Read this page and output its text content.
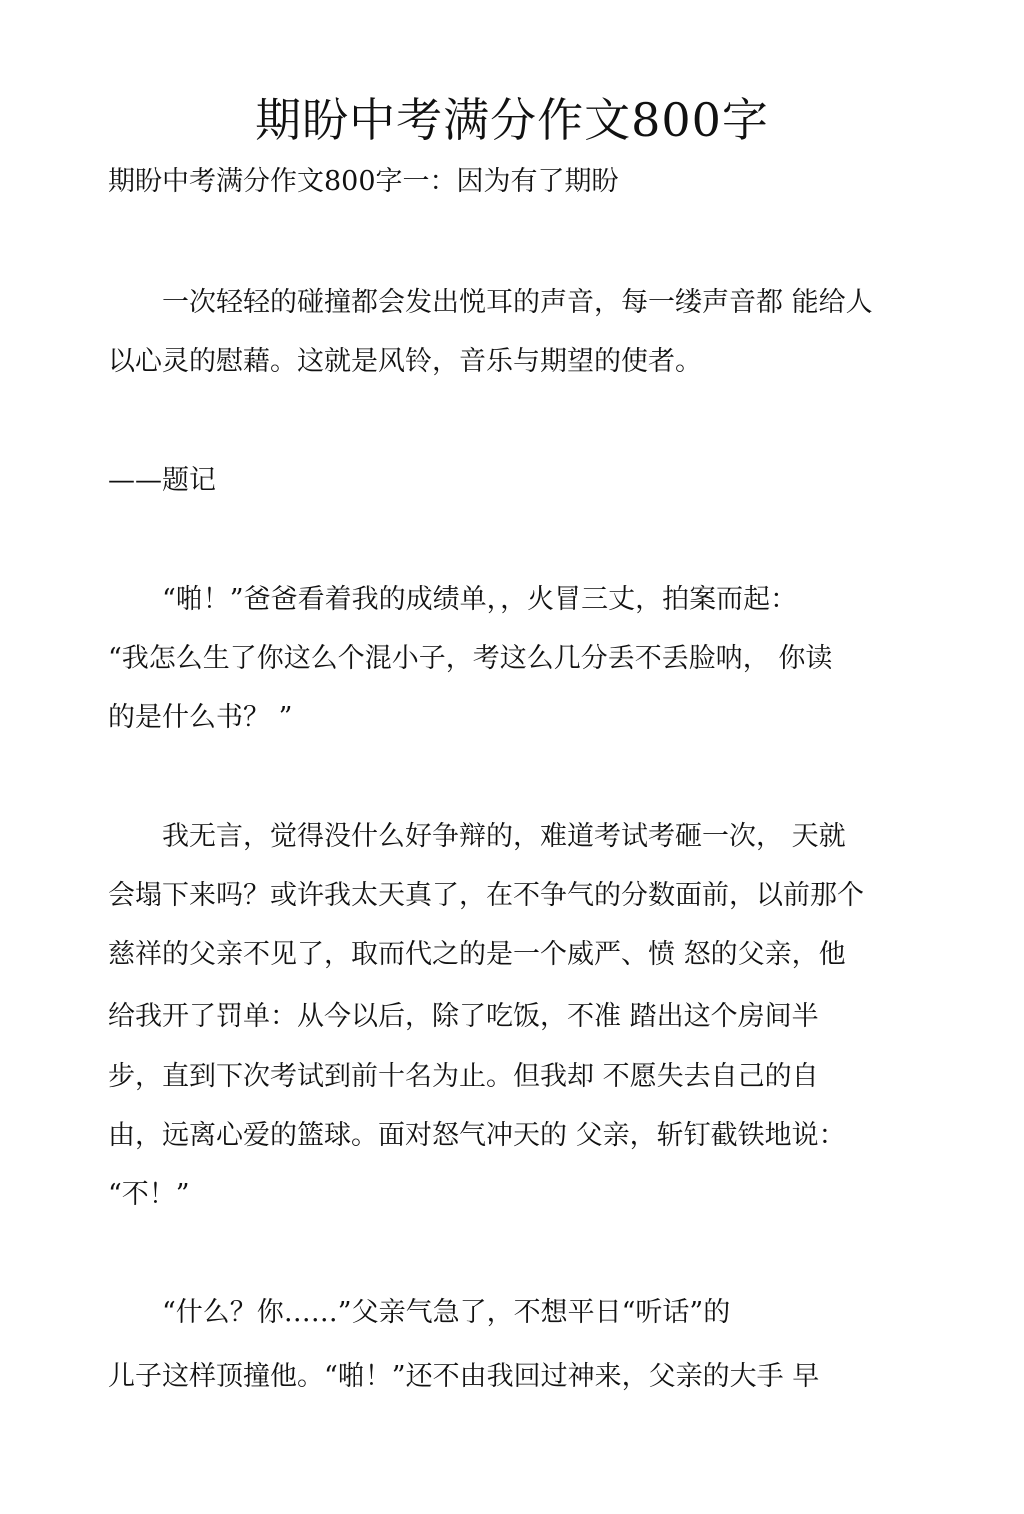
期盼中考满分作文800字
期盼中考满分作文800字一：因为有了期盼
　　一次轻轻的碰撞都会发出悦耳的声音，每一缕声音都 能给人
以心灵的慰藉。这就是风铃，音乐与期望的使者。
——题记
　　“啪！”爸爸看着我的成绩单，，火冒三丈，拍案而起：
“我怎么生了你这么个混小子，考这么几分丢不丢脸呐， 你读
的是什么书？ ”
　　我无言，觉得没什么好争辩的，难道考试考砸一次， 天就
会塌下来吗？或许我太天真了，在不争气的分数面前，以前那个
慈祥的父亲不见了，取而代之的是一个威严、愤 怒的父亲，他
给我开了罚单：从今以后，除了吃饭，不准 踏出这个房间半
步，直到下次考试到前十名为止。但我却 不愿失去自己的自
由，远离心爱的篮球。面对怒气冲天的 父亲，斩钉截铁地说：
“不！”
　　“什么？你……”父亲气急了，不想平日“听话”的
儿子这样顶撞他。“啪！”还不由我回过神来，父亲的大手 早
